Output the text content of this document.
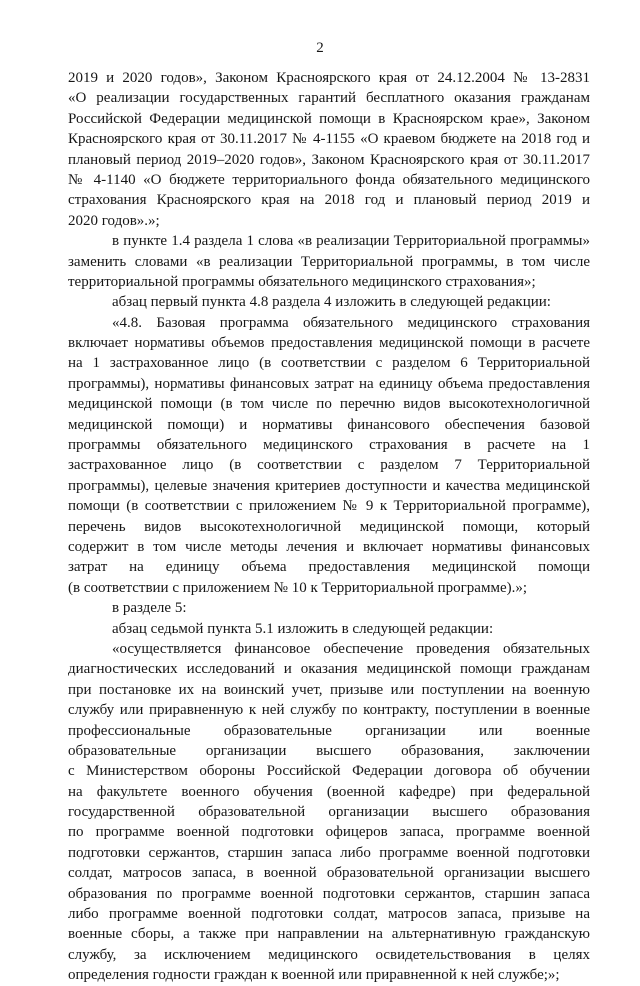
2
2019 и 2020 годов», Законом Красноярского края от 24.12.2004 № 13-2831
«О реализации государственных гарантий бесплатного оказания гражданам
Российской Федерации медицинской помощи в Красноярском крае», Законом
Красноярского края от 30.11.2017 № 4-1155 «О краевом бюджете на 2018 год и
плановый период 2019–2020 годов», Законом Красноярского края от 30.11.2017
№ 4-1140 «О бюджете территориального фонда обязательного медицинского
страхования Красноярского края на 2018 год и плановый период 2019 и
2020 годов».»;
в пункте 1.4 раздела 1 слова «в реализации Территориальной программы»
заменить словами «в реализации Территориальной программы, в том числе
территориальной программы обязательного медицинского страхования»;
абзац первый пункта 4.8 раздела 4 изложить в следующей редакции:
«4.8. Базовая программа обязательного медицинского страхования
включает нормативы объемов предоставления медицинской помощи в расчете
на 1 застрахованное лицо (в соответствии с разделом 6 Территориальной
программы), нормативы финансовых затрат на единицу объема предоставления
медицинской помощи (в том числе по перечню видов высокотехнологичной
медицинской помощи) и нормативы финансового обеспечения базовой
программы обязательного медицинского страхования в расчете на 1
застрахованное лицо (в соответствии с разделом 7 Территориальной
программы), целевые значения критериев доступности и качества медицинской
помощи (в соответствии с приложением № 9 к Территориальной программе),
перечень видов высокотехнологичной медицинской помощи, который
содержит в том числе методы лечения и включает нормативы финансовых
затрат на единицу объема предоставления медицинской помощи
(в соответствии с приложением № 10 к Территориальной программе).»;
в разделе 5:
абзац седьмой пункта 5.1 изложить в следующей редакции:
«осуществляется финансовое обеспечение проведения обязательных
диагностических исследований и оказания медицинской помощи гражданам
при постановке их на воинский учет, призыве или поступлении на военную
службу или приравненную к ней службу по контракту, поступлении в военные
профессиональные образовательные организации или военные
образовательные организации высшего образования, заключении
с Министерством обороны Российской Федерации договора об обучении
на факультете военного обучения (военной кафедре) при федеральной
государственной образовательной организации высшего образования
по программе военной подготовки офицеров запаса, программе военной
подготовки сержантов, старшин запаса либо программе военной подготовки
солдат, матросов запаса, в военной образовательной организации высшего
образования по программе военной подготовки сержантов, старшин запаса
либо программе военной подготовки солдат, матросов запаса, призыве на
военные сборы, а также при направлении на альтернативную гражданскую
службу, за исключением медицинского освидетельствования в целях
определения годности граждан к военной или приравненной к ней службе;»;
